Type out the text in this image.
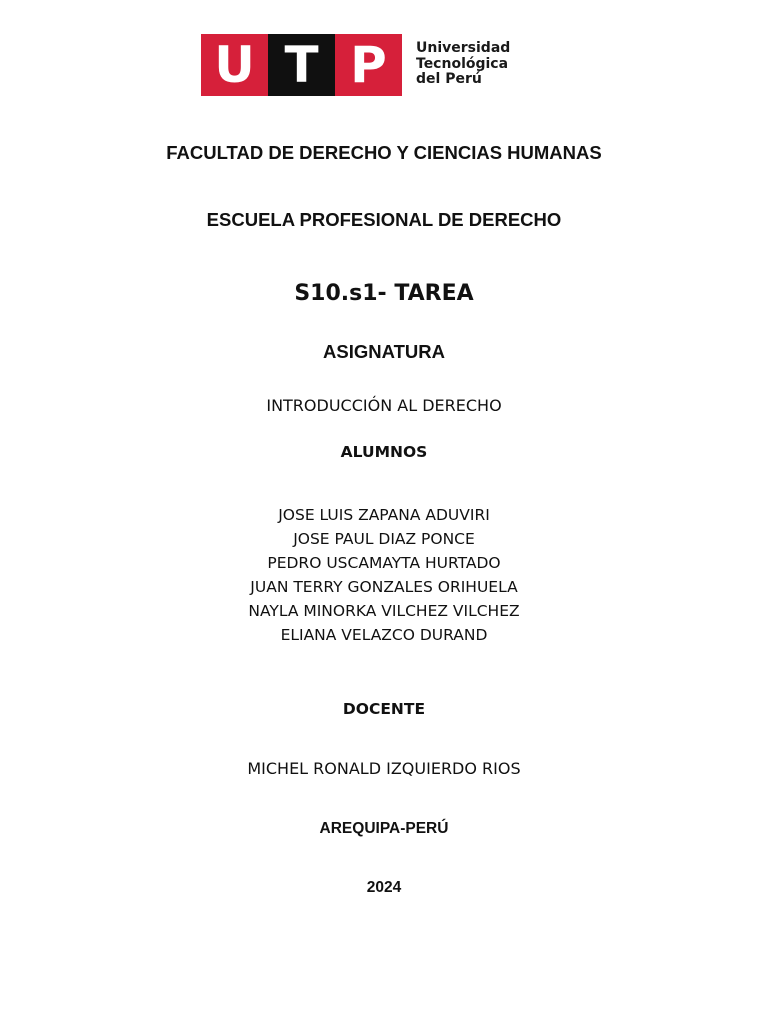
U T P	Universidad
Tecnológica
del Perú
FACULTAD DE DERECHO Y CIENCIAS HUMANAS
ESCUELA PROFESIONAL DE DERECHO
S10.s1- TAREA
ASIGNATURA
INTRODUCCIÓN AL DERECHO
ALUMNOS
JOSE LUIS ZAPANA ADUVIRI
JOSE PAUL DIAZ PONCE
PEDRO USCAMAYTA HURTADO
JUAN TERRY GONZALES ORIHUELA
NAYLA MINORKA VILCHEZ VILCHEZ
ELIANA VELAZCO DURAND
DOCENTE
MICHEL RONALD IZQUIERDO RIOS
AREQUIPA-PERÚ
2024
